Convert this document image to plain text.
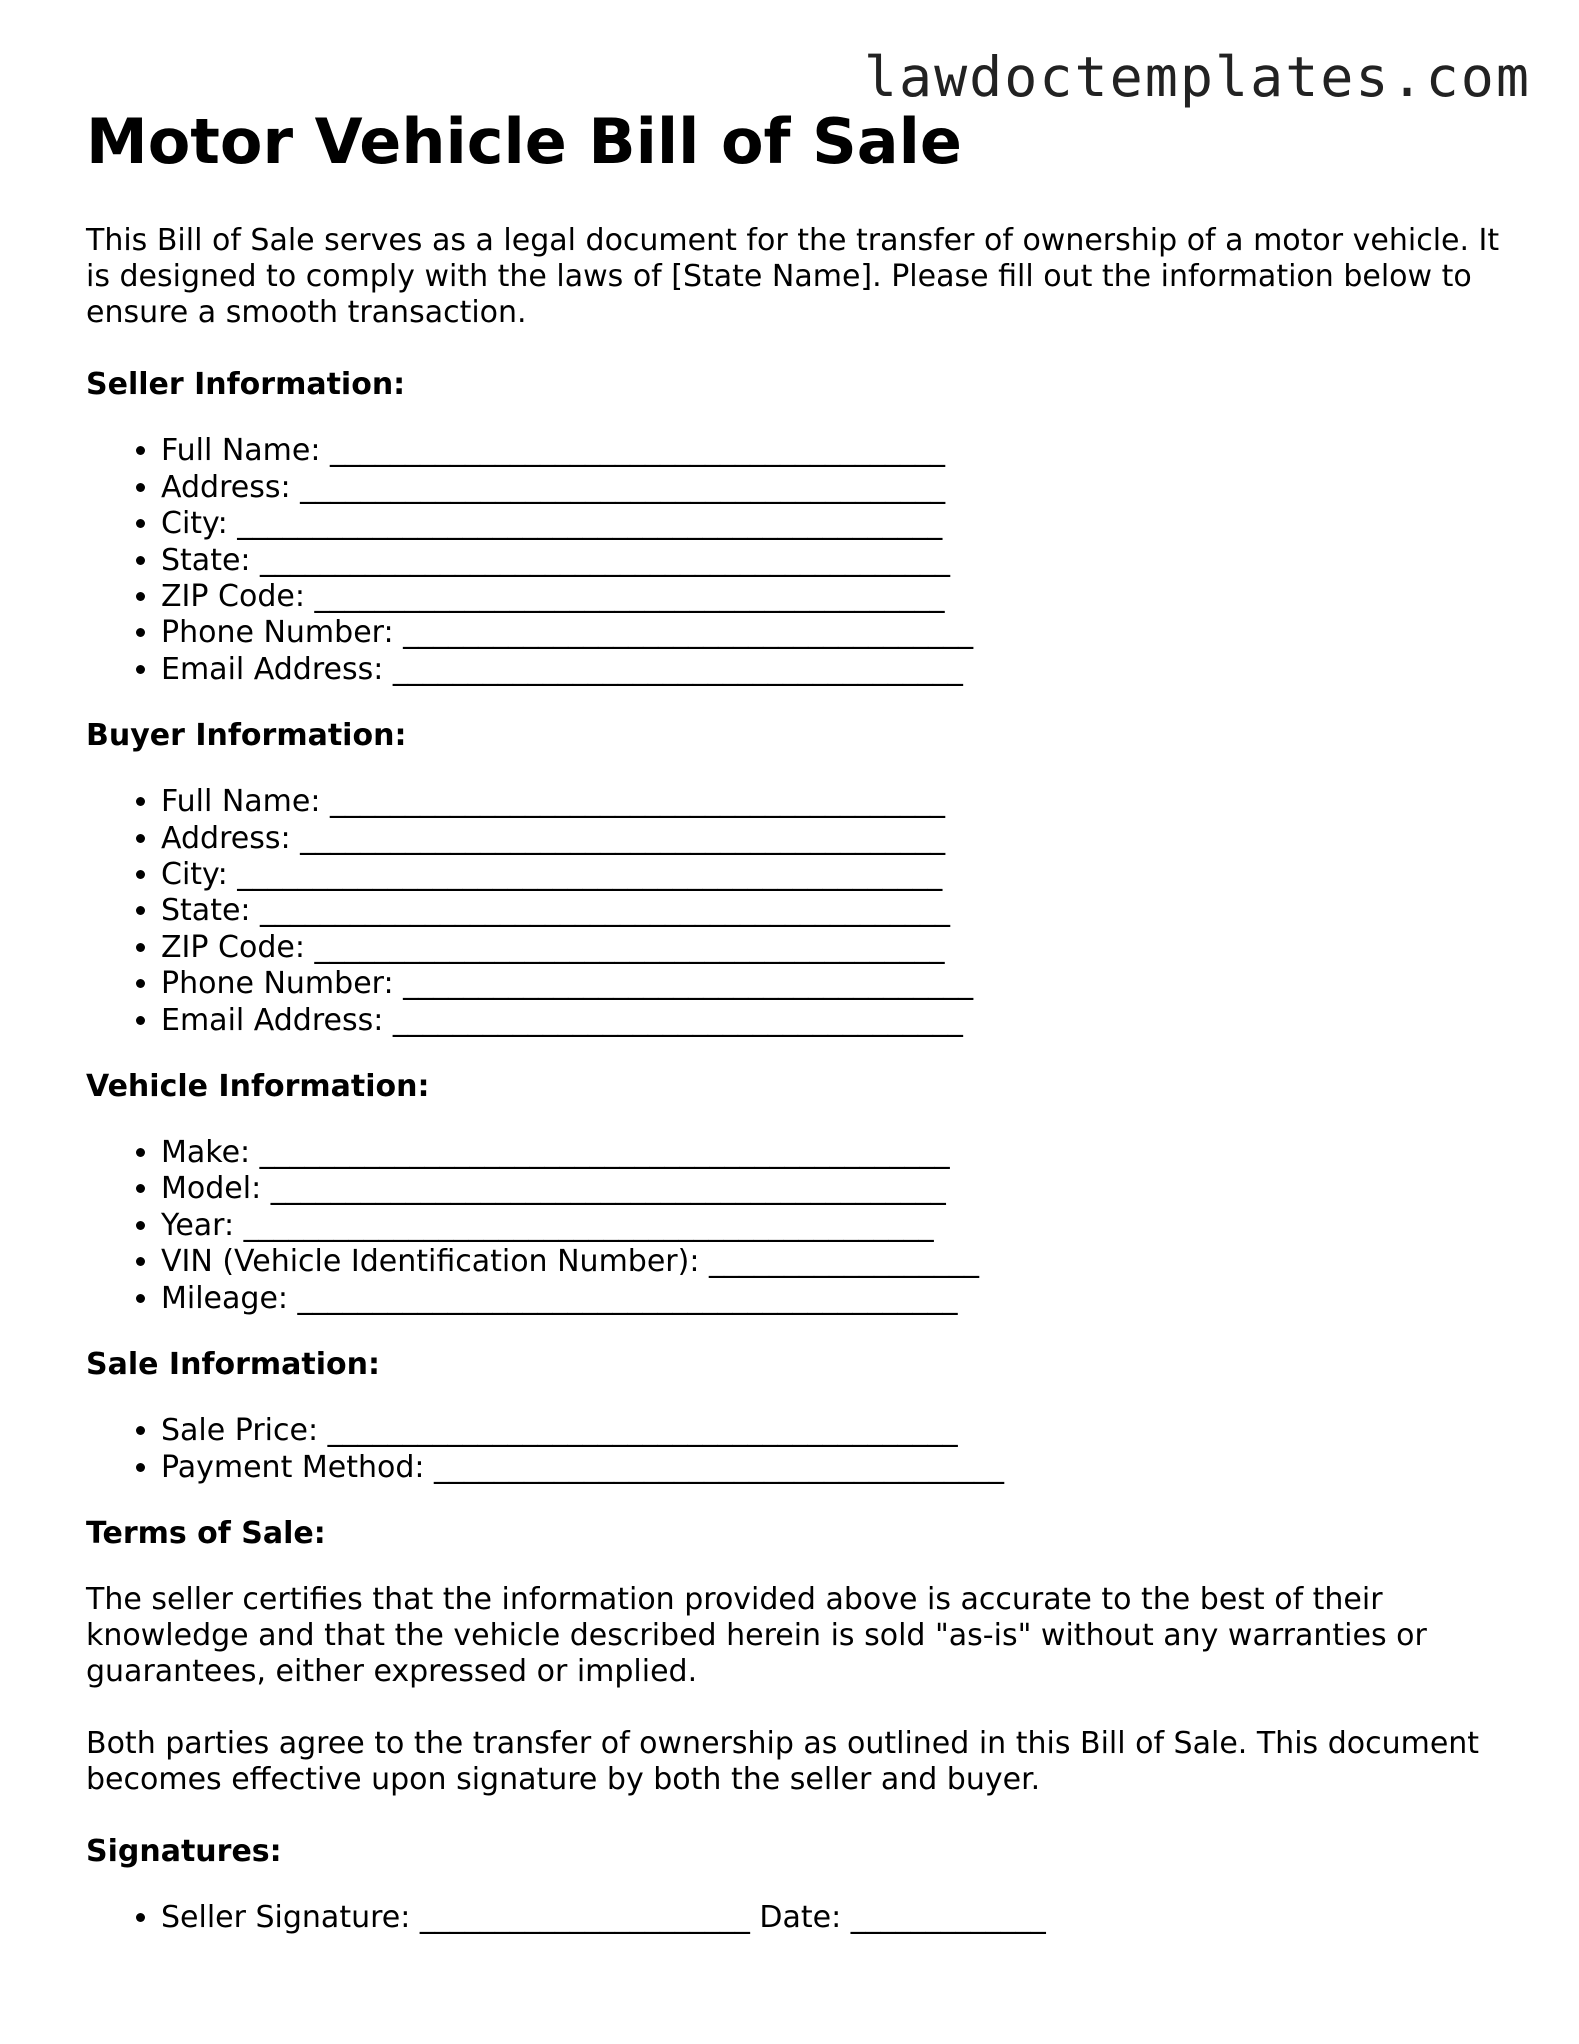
lawdoctemplates.com
Motor Vehicle Bill of Sale

This Bill of Sale serves as a legal document for the transfer of ownership of a motor vehicle. It is designed to comply with the laws of [State Name]. Please fill out the information below to ensure a smooth transaction.

Seller Information:
• Full Name: _________________________________________
• Address: ___________________________________________
• City: _______________________________________________
• State: ______________________________________________
• ZIP Code: __________________________________________
• Phone Number: ______________________________________
• Email Address: ______________________________________
Buyer Information:
• Full Name: _________________________________________
• Address: ___________________________________________
• City: _______________________________________________
• State: ______________________________________________
• ZIP Code: __________________________________________
• Phone Number: ______________________________________
• Email Address: ______________________________________
Vehicle Information:
• Make: ______________________________________________
• Model: _____________________________________________
• Year: ______________________________________________
• VIN (Vehicle Identification Number): __________________
• Mileage: ____________________________________________
Sale Information:
• Sale Price: __________________________________________
• Payment Method: ______________________________________
Terms of Sale:

The seller certifies that the information provided above is accurate to the best of their knowledge and that the vehicle described herein is sold "as-is" without any warranties or guarantees, either expressed or implied.

Both parties agree to the transfer of ownership as outlined in this Bill of Sale. This document becomes effective upon signature by both the seller and buyer.

Signatures:
• Seller Signature: ______________________ Date: _____________
